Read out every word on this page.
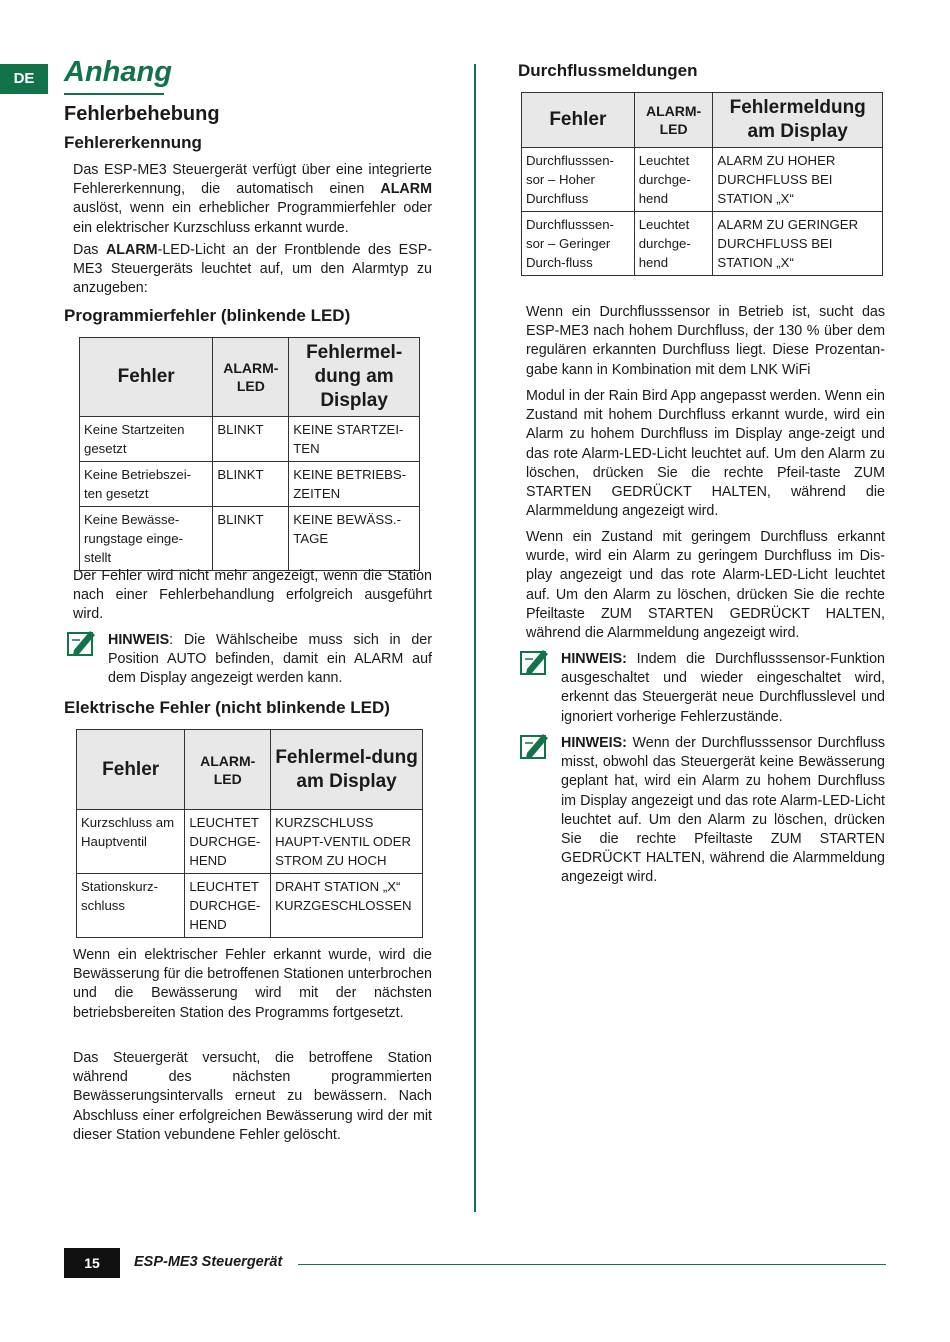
DE	Anhang
Fehlerbehebung
Fehlererkennung

Das ESP-ME3 Steuergerät verfügt über eine integrierte Fehlererkennung, die automatisch einen ALARM auslöst, wenn ein erheblicher Programmierfehler oder ein elektrischer Kurzschluss erkannt wurde.

Das ALARM-LED-Licht an der Frontblende des ESP-ME3 Steuergeräts leuchtet auf, um den Alarmtyp zu anzugeben:

Programmierfehler (blinkende LED)
Fehler	ALARM-LED	Fehlermel-dung am Display
Keine Startzeiten gesetzt	BLINKT	KEINE STARTZEI-TEN
Keine Betriebszei-ten gesetzt	BLINKT	KEINE BETRIEBS-ZEITEN
Keine Bewässe-rungstage einge-stellt	BLINKT	KEINE BEWÄSS.-TAGE

Der Fehler wird nicht mehr angezeigt, wenn die Station nach einer Fehlerbehandlung erfolgreich ausgeführt wird.

HINWEIS: Die Wählscheibe muss sich in der Position AUTO befinden, damit ein ALARM auf dem Display angezeigt werden kann.

Elektrische Fehler (nicht blinkende LED)
Fehler	ALARM-LED	Fehlermel-dung am Display
Kurzschluss am Hauptventil	LEUCHTET DURCHGE-HEND	KURZSCHLUSS HAUPT-VENTIL ODER STROM ZU HOCH
Stationskurz-schluss	LEUCHTET DURCHGE-HEND	DRAHT STATION „X“ KURZGESCHLOSSEN

Wenn ein elektrischer Fehler erkannt wurde, wird die Bewässerung für die betroffenen Stationen unterbrochen und die Bewässerung wird mit der nächsten betriebsbereiten Station des Programms fortgesetzt.

Das Steuergerät versucht, die betroffene Station während des nächsten programmierten Bewässerungsintervalls erneut zu bewässern. Nach Abschluss einer erfolgreichen Bewässerung wird der mit dieser Station vebundene Fehler gelöscht.

Durchflussmeldungen
Fehler	ALARM-LED	Fehlermeldung am Display
Durchflusssen-sor – Hoher Durchfluss	Leuchtet durchge-hend	ALARM ZU HOHER DURCHFLUSS BEI STATION „X“
Durchflusssen-sor – Geringer Durch-fluss	Leuchtet durchge-hend	ALARM ZU GERINGER DURCHFLUSS BEI STATION „X“

Wenn ein Durchflusssensor in Betrieb ist, sucht das ESP-ME3 nach hohem Durchfluss, der 130 % über dem regulären erkannten Durchfluss liegt. Diese Prozentan-gabe kann in Kombination mit dem LNK WiFi

Modul in der Rain Bird App angepasst werden. Wenn ein Zustand mit hohem Durchfluss erkannt wurde, wird ein Alarm zu hohem Durchfluss im Display ange-zeigt und das rote Alarm-LED-Licht leuchtet auf. Um den Alarm zu löschen, drücken Sie die rechte Pfeil-taste ZUM STARTEN GEDRÜCKT HALTEN, während die Alarmmeldung angezeigt wird.

Wenn ein Zustand mit geringem Durchfluss erkannt wurde, wird ein Alarm zu geringem Durchfluss im Dis-play angezeigt und das rote Alarm-LED-Licht leuchtet auf. Um den Alarm zu löschen, drücken Sie die rechte Pfeiltaste ZUM STARTEN GEDRÜCKT HALTEN, während die Alarmmeldung angezeigt wird.

HINWEIS: Indem die Durchflusssensor-Funktion ausgeschaltet und wieder eingeschaltet wird, erkennt das Steuergerät neue Durchflusslevel und ignoriert vorherige Fehlerzustände.

HINWEIS: Wenn der Durchflusssensor Durchfluss misst, obwohl das Steuergerät keine Bewässerung geplant hat, wird ein Alarm zu hohem Durchfluss im Display angezeigt und das rote Alarm-LED-Licht leuchtet auf. Um den Alarm zu löschen, drücken Sie die rechte Pfeiltaste ZUM STARTEN GEDRÜCKT HALTEN, während die Alarmmeldung angezeigt wird.

15	ESP-ME3 Steuergerät
